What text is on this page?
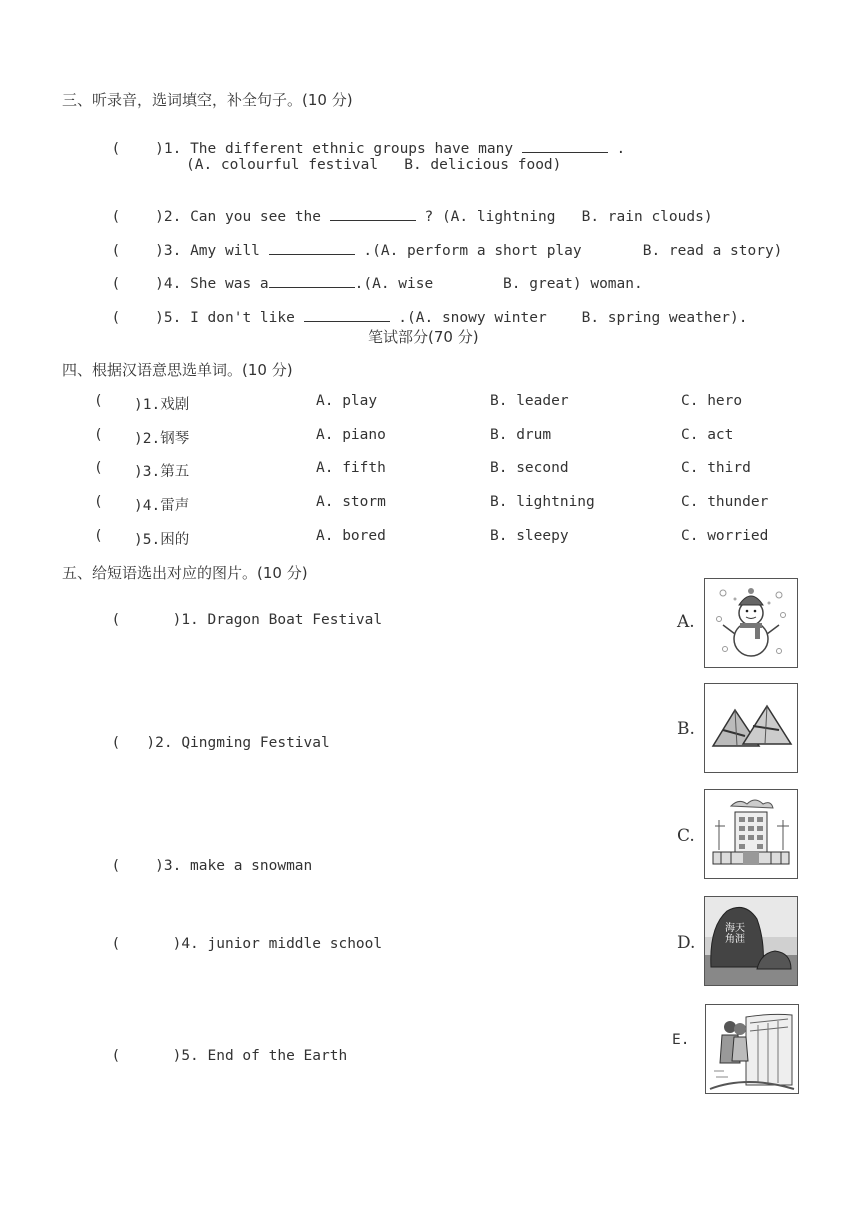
三、听录音，选词填空，补全句子。(10 分)

( )1. The different ethnic groups have many	.

(A. colourful festival   B. delicious food)

( )2. Can you see the	? (A. lightning   B. rain clouds)

( )3. Amy will	.(A. perform a short play       B. read a story)

( )4. She was a	.(A. wise        B. great) woman.

( )5. I don't like	.(A. snowy winter    B. spring weather).

笔试部分(70 分)
四、根据汉语意思选单词。(10 分)
( )1.戏剧	A. play	B. leader	C. hero
( )2.钢琴	A. piano	B. drum	C. act
( )3.第五	A. fifth	B. second	C. third
( )4.雷声	A. storm	B. lightning	C. thunder
( )5.困的	A. bored	B. sleepy	C. worried
五、给短语选出对应的图片。(10 分)

(	)1. Dragon Boat Festival

( )2. Qingming Festival

( )3. make a snowman

(	)4. junior middle school

(	)5. End of the Earth

A.
B.
C.
D.
天涯海角
E.
